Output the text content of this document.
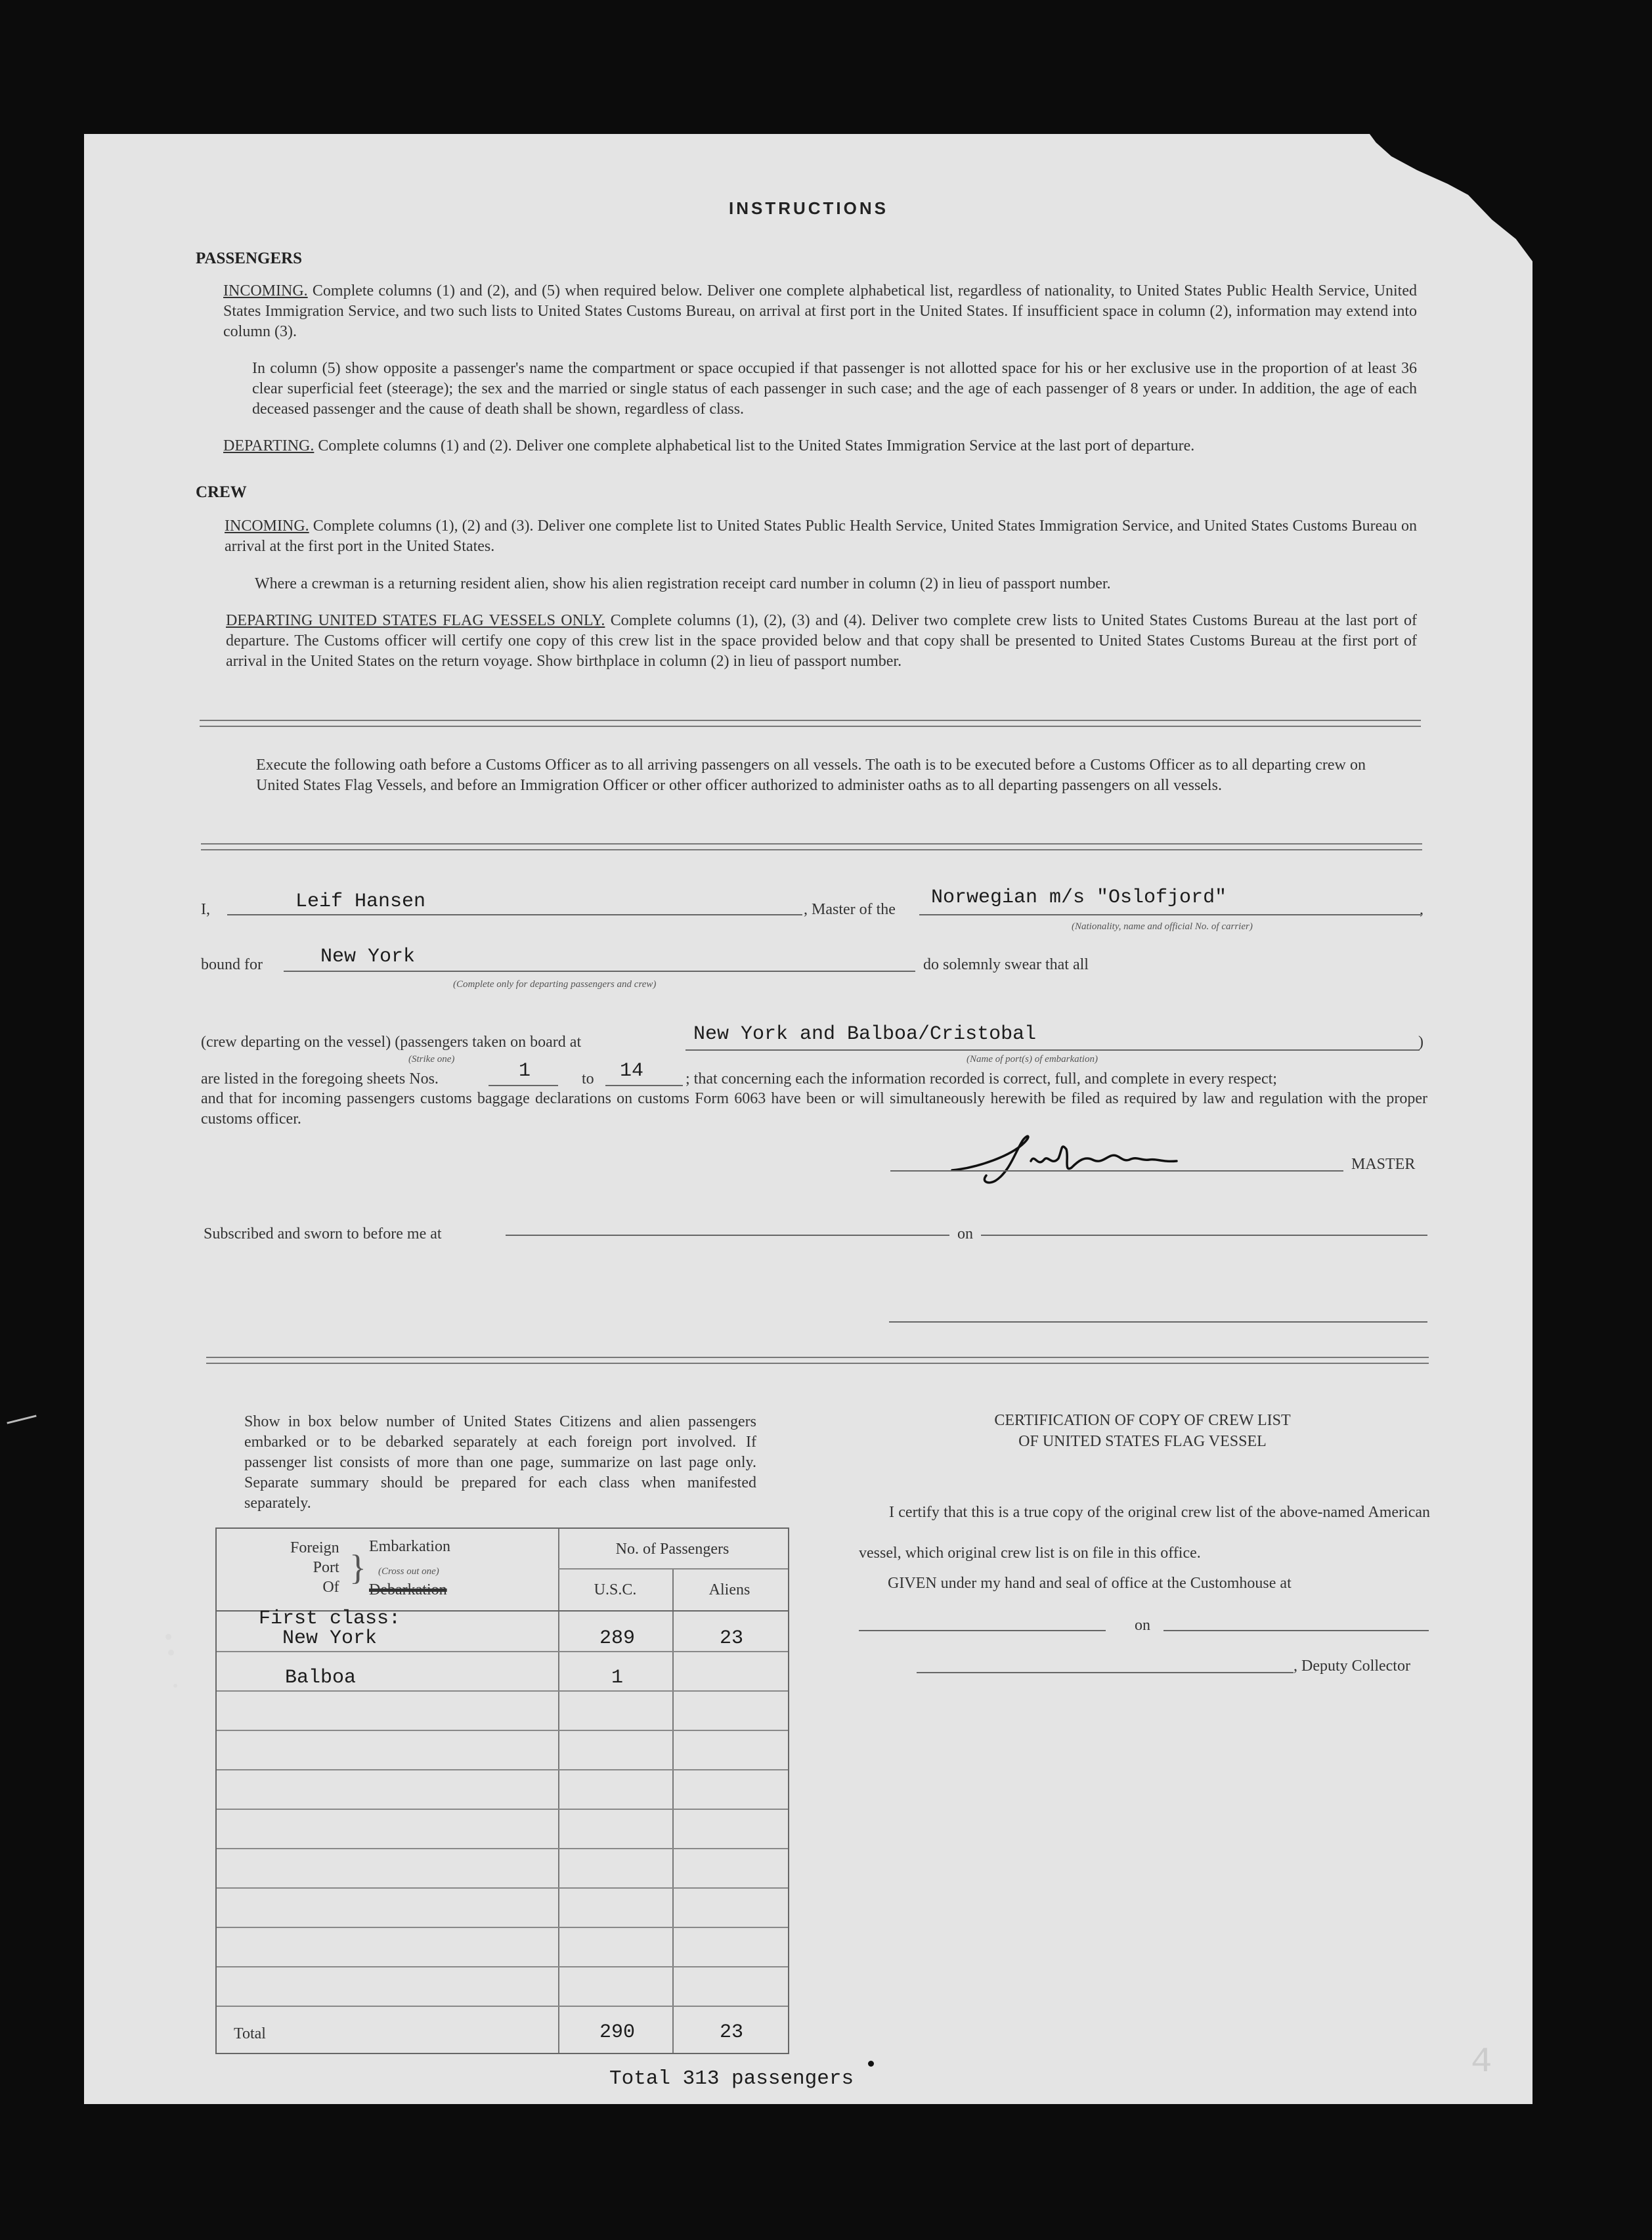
INSTRUCTIONS
PASSENGERS
INCOMING. Complete columns (1) and (2), and (5) when required below. Deliver one complete alphabetical list, regardless of nationality, to United States Public Health Service, United States Immigration Service, and two such lists to United States Customs Bureau, on arrival at first port in the United States. If insufficient space in column (2), information may extend into column (3).
In column (5) show opposite a passenger's name the compartment or space occupied if that passenger is not allotted space for his or her exclusive use in the proportion of at least 36 clear superficial feet (steerage); the sex and the married or single status of each passenger in such case; and the age of each passenger of 8 years or under. In addition, the age of each deceased passenger and the cause of death shall be shown, regardless of class.
DEPARTING. Complete columns (1) and (2). Deliver one complete alphabetical list to the United States Immigration Service at the last port of departure.
CREW
INCOMING. Complete columns (1), (2) and (3). Deliver one complete list to United States Public Health Service, United States Immigration Service, and United States Customs Bureau on arrival at the first port in the United States.
Where a crewman is a returning resident alien, show his alien registration receipt card number in column (2) in lieu of passport number.
DEPARTING UNITED STATES FLAG VESSELS ONLY. Complete columns (1), (2), (3) and (4). Deliver two complete crew lists to United States Customs Bureau at the last port of departure. The Customs officer will certify one copy of this crew list in the space provided below and that copy shall be presented to United States Customs Bureau at the first port of arrival in the United States on the return voyage. Show birthplace in column (2) in lieu of passport number.
Execute the following oath before a Customs Officer as to all arriving passengers on all vessels. The oath is to be executed before a Customs Officer as to all departing crew on United States Flag Vessels, and before an Immigration Officer or other officer authorized to administer oaths as to all departing passengers on all vessels.
I,	Leif Hansen	, Master of the
Norwegian m/s "Oslofjord"
(Nationality, name and official No. of carrier)
,
bound for	New York
(Complete only for departing passengers and crew)
do solemnly swear that all
(crew departing on the vessel) (passengers taken on board at	New York and Balboa/Cristobal	)
(Strike one)	(Name of port(s) of embarkation)
are listed in the foregoing sheets Nos.	1	to 14	; that concerning each the information recorded is correct, full, and complete in every respect;
and that for incoming passengers customs baggage declarations on customs Form 6063 have been or will simultaneously herewith be filed as required by law and regulation with the proper customs officer.
MASTER
Subscribed and sworn to before me at	on
Show in box below number of United States Citizens and alien passengers embarked or to be debarked separately at each foreign port involved. If passenger list consists of more than one page, summarize on last page only. Separate summary should be prepared for each class when manifested separately.
Foreign
Port
Of }
Embarkation
(Cross out one)
Debarkation
No. of Passengers
U.S.C.	Aliens
First class:
New York	289	23
Balboa	1
Total	290	23
Total 313 passengers
CERTIFICATION OF COPY OF CREW LIST
OF UNITED STATES FLAG VESSEL
I certify that this is a true copy of the original crew list of the above-named American vessel, which original crew list is on file in this office.
GIVEN under my hand and seal of office at the Customhouse at
on
, Deputy Collector
4
